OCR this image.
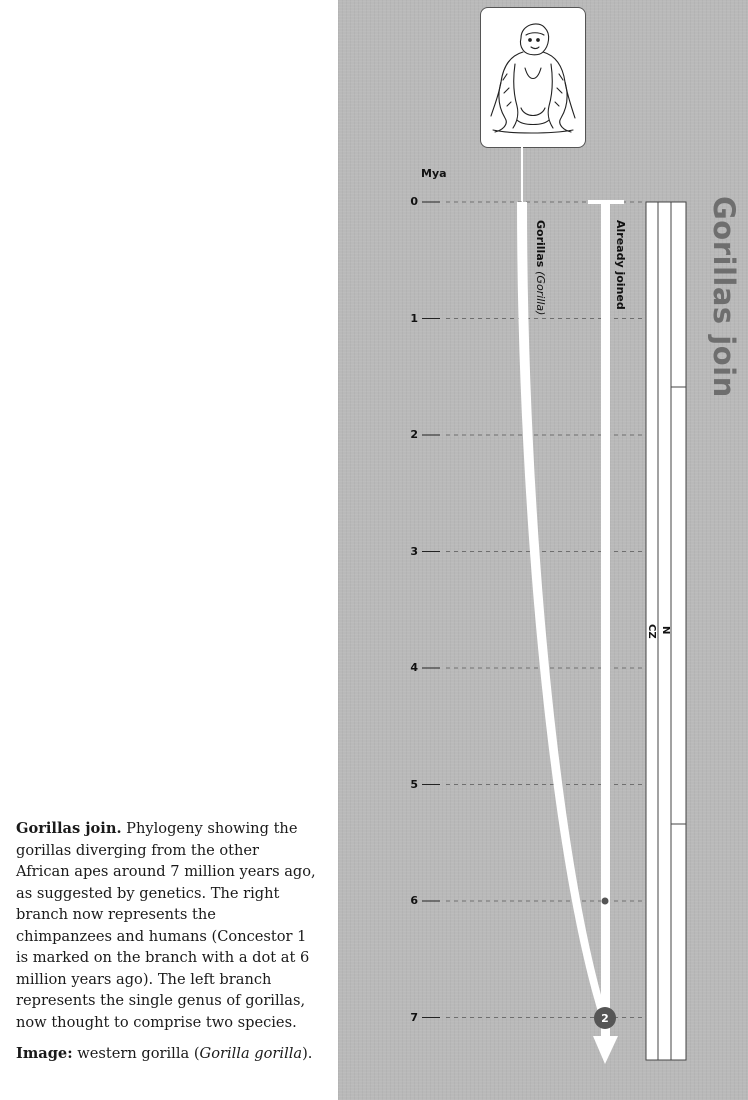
Gorillas join. Phylogeny showing the gorillas diverging from the other African apes around 7 million years ago, as suggested by genetics. The right branch now represents the chimpanzees and humans (Concestor 1 is marked on the branch with a dot at 6 million years ago). The left branch represents the single genus of gorillas, now thought to comprise two species.

Image: western gorilla (Gorilla gorilla).

2
Mya
0
1
2
3
4
5
6
7
Gorillas (Gorilla)	Already joined
CZ N
Gorillas join
